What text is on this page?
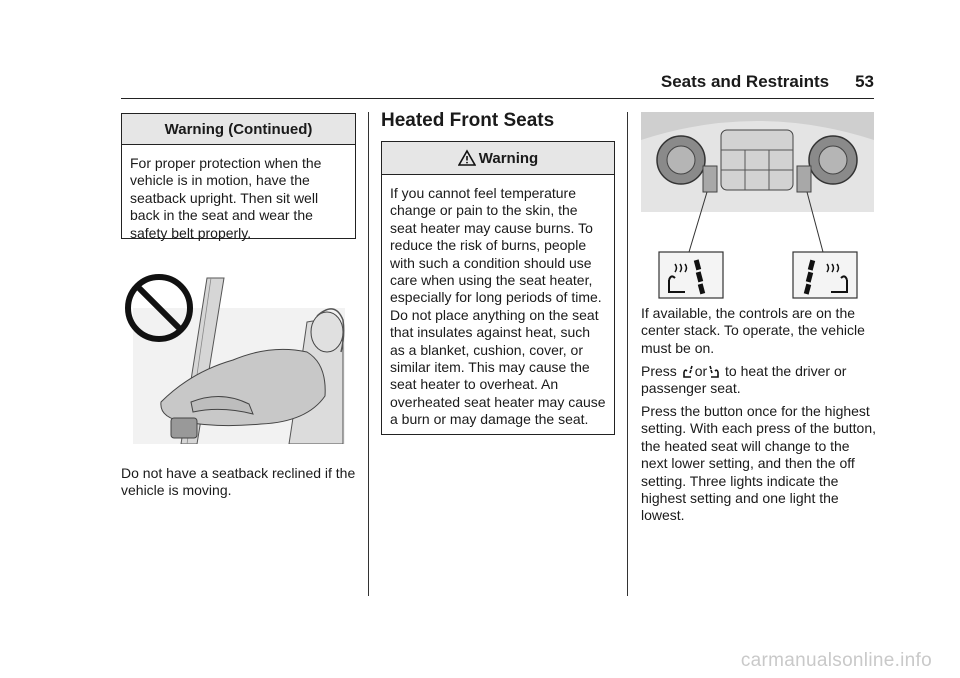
Seats and Restraints 53
Warning (Continued)
For proper protection when the vehicle is in motion, have the seatback upright. Then sit well back in the seat and wear the safety belt properly.
Do not have a seatback reclined if the vehicle is moving.
Heated Front Seats
Warning
If you cannot feel temperature change or pain to the skin, the seat heater may cause burns. To reduce the risk of burns, people with such a condition should use care when using the seat heater, especially for long periods of time. Do not place anything on the seat that insulates against heat, such as a blanket, cushion, cover, or similar item. This may cause the seat heater to overheat. An overheated seat heater may cause a burn or may damage the seat.
If available, the controls are on the center stack. To operate, the vehicle must be on.
Press or to heat the driver or passenger seat.
Press the button once for the highest setting. With each press of the button, the heated seat will change to the next lower setting, and then the off setting. Three lights indicate the highest setting and one light the lowest.
carmanualsonline.info
